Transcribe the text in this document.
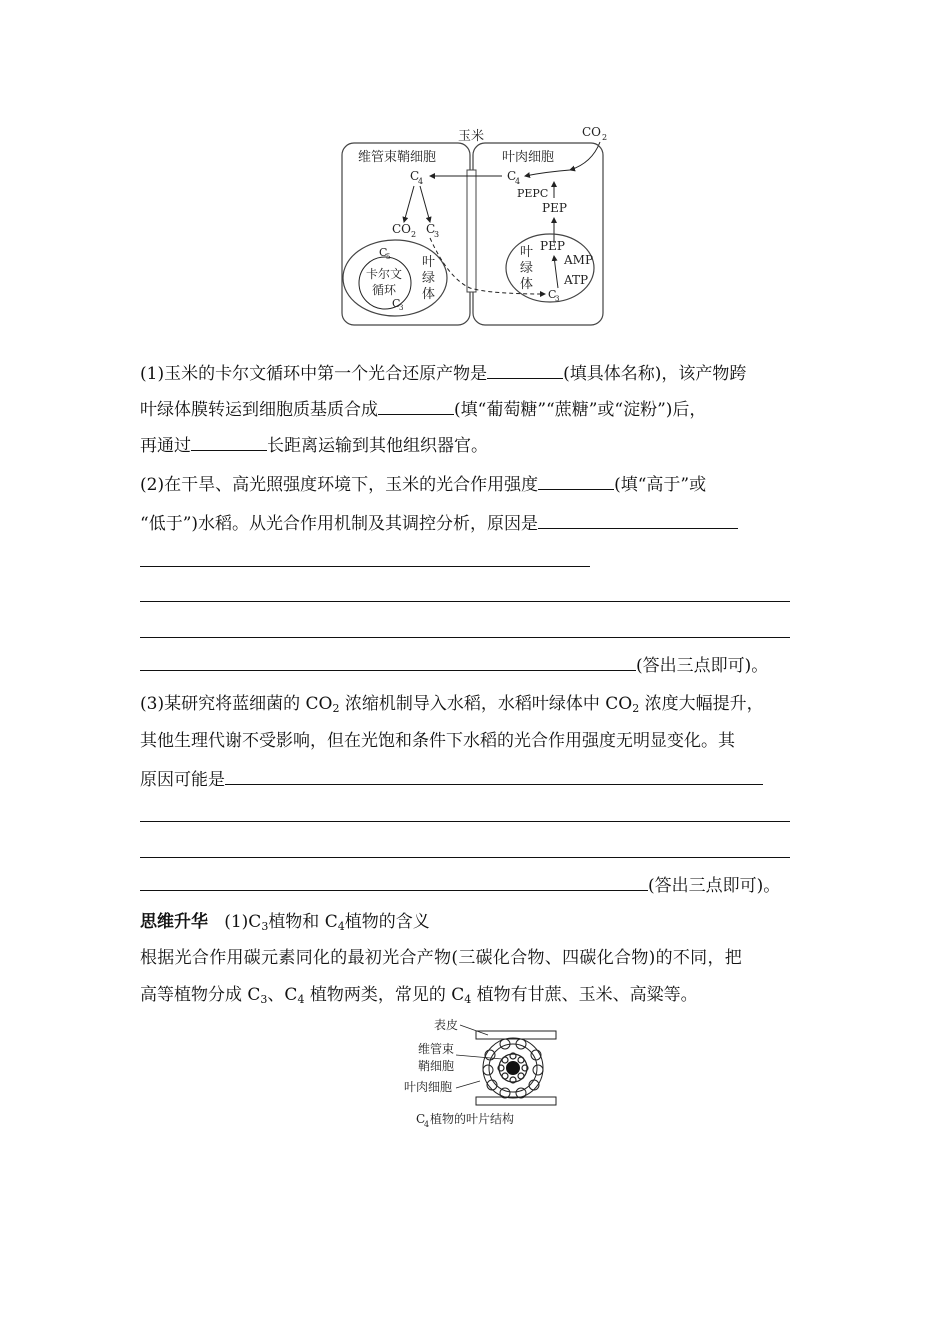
玉米	CO 2
维管束鞘细胞	叶肉细胞
C
4
C
4
PEPC
PEP
CO 2 C
3
C
5
卡尔文
循环
C
3
叶
绿
体
叶
绿
体
PEP
AMP
ATP
C
3
(1)玉米的卡尔文循环中第一个光合还原产物是	(填具体名称)，该产物跨
叶绿体膜转运到细胞质基质合成	(填“葡萄糖”“蔗糖”或“淀粉”)后，
再通过	长距离运输到其他组织器官。
(2)在干旱、高光照强度环境下，玉米的光合作用强度	(填“高于”或
“低于”)水稻。从光合作用机制及其调控分析，原因是
(答出三点即可)。
(3)某研究将蓝细菌的 $CO_2$ 浓缩机制导入水稻，水稻叶绿体中 $CO_2$ 浓度大幅提升，
其他生理代谢不受影响，但在光饱和条件下水稻的光合作用强度无明显变化。其
原因可能是
(答出三点即可)。
思维升华 $(1)C_3$植物和 $C_4$植物的含义
根据光合作用碳元素同化的最初光合产物(三碳化合物、四碳化合物)的不同，把
高等植物分成 $C_3$、$C_4$ 植物两类，常见的 $C_4$ 植物有甘蔗、玉米、高粱等。
表皮
维管束
鞘细胞
叶肉细胞
C
4 植物的叶片结构
